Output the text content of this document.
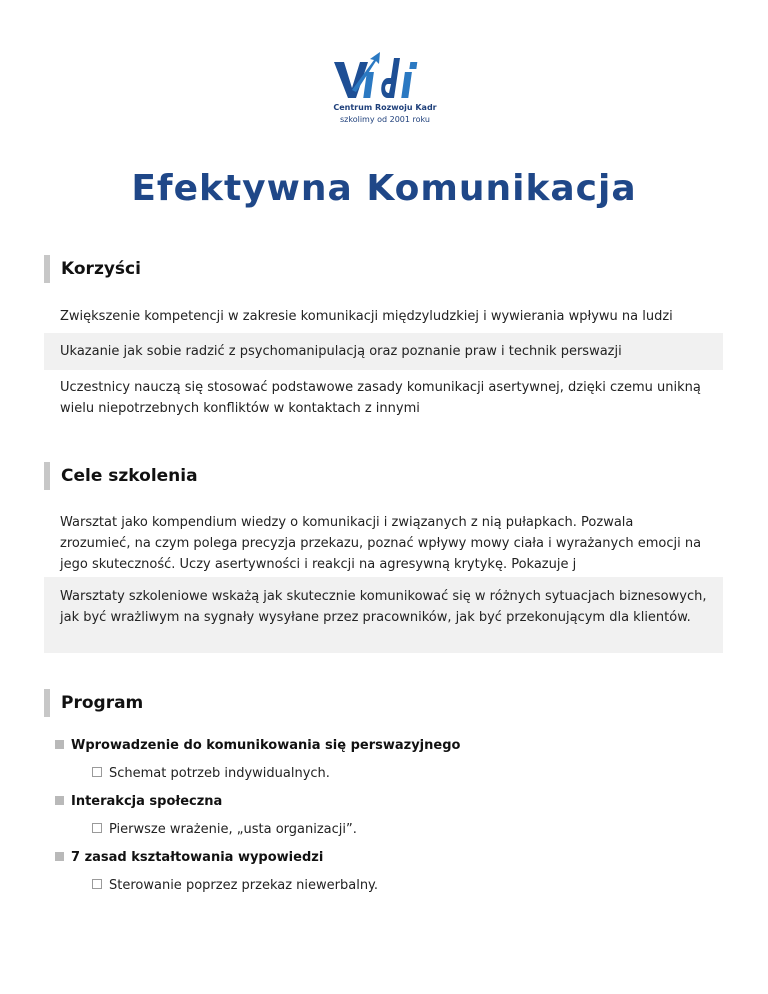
Centrum Rozwoju Kadr
szkolimy od 2001 roku
Efektywna Komunikacja
Korzyści
Zwiększenie kompetencji w zakresie komunikacji międzyludzkiej i wywierania wpływu na ludzi
Ukazanie jak sobie radzić z psychomanipulacją oraz poznanie praw i technik perswazji
Uczestnicy nauczą się stosować podstawowe zasady komunikacji asertywnej, dzięki czemu unikną wielu niepotrzebnych konfliktów w kontaktach z innymi
Cele szkolenia
Warsztat jako kompendium wiedzy o komunikacji i związanych z nią pułapkach. Pozwala zrozumieć, na czym polega precyzja przekazu, poznać wpływy mowy ciała i wyrażanych emocji na jego skuteczność. Uczy asertywności i reakcji na agresywną krytykę. Pokazuje j
Warsztaty szkoleniowe wskażą jak skutecznie komunikować się w różnych sytuacjach biznesowych, jak być wrażliwym na sygnały wysyłane przez pracowników, jak być przekonującym dla klientów.
Program
Wprowadzenie do komunikowania się perswazyjnego
Schemat potrzeb indywidualnych.
Interakcja społeczna
Pierwsze wrażenie, „usta organizacji”.
7 zasad kształtowania wypowiedzi
Sterowanie poprzez przekaz niewerbalny.
